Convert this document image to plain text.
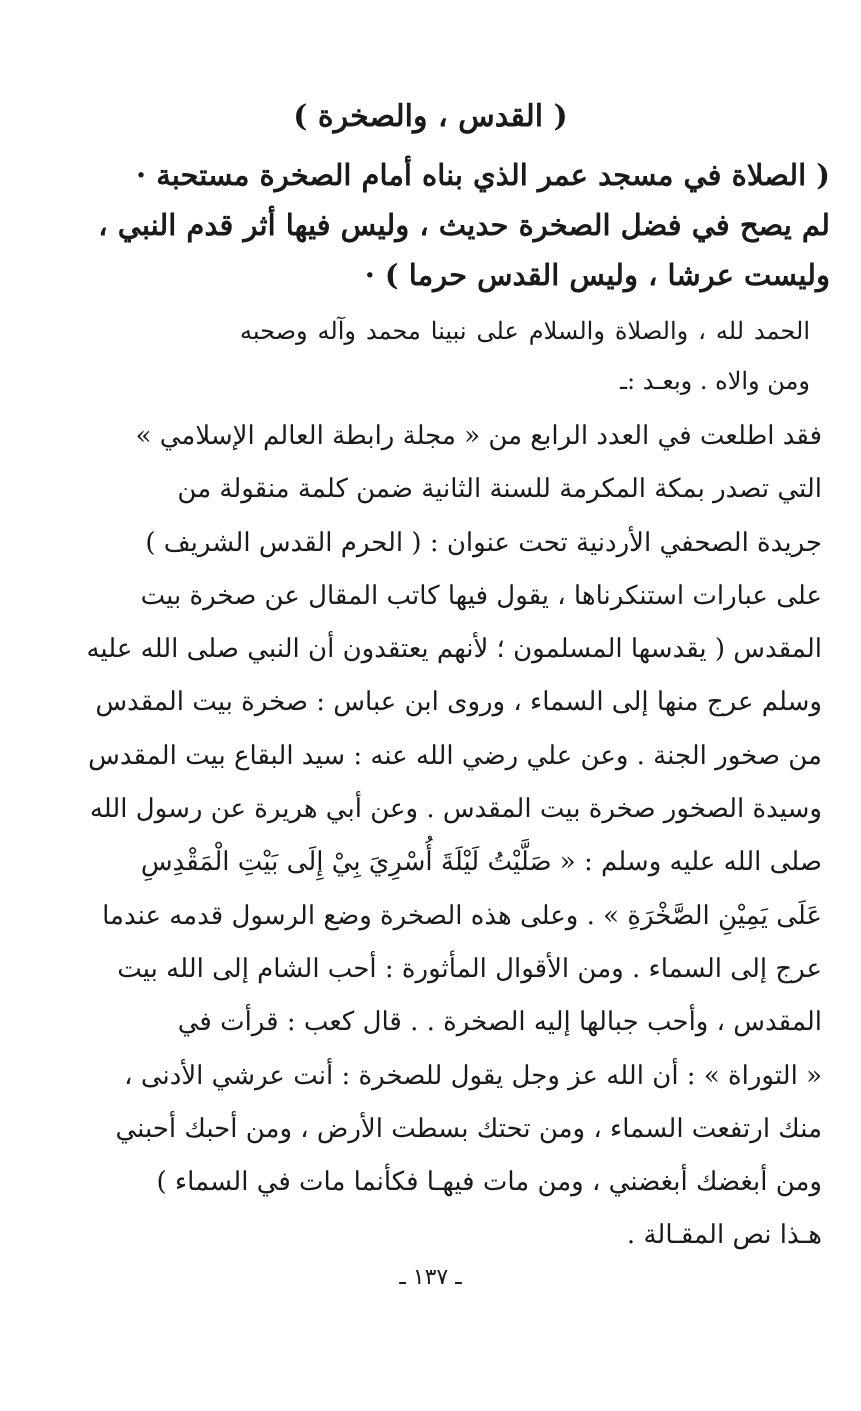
( القدس ، والصخرة )
( الصلاة في مسجد عمر الذي بناه أمام الصخرة مستحبة ·
لم يصح في فضل الصخرة حديث ، وليس فيها أثر قدم النبي ،
وليست عرشا ، وليس القدس حرما ) ·
الحمد لله ، والصلاة والسلام على نبينا محمد وآله وصحبه
ومن والاه . وبعـد :ـ
فقد اطلعت في العدد الرابع من « مجلة رابطة العالم الإسلامي »
التي تصدر بمكة المكرمة للسنة الثانية ضمن كلمة منقولة من
جريدة الصحفي الأردنية تحت عنوان : ( الحرم القدس الشريف )
على عبارات استنكرناها ، يقول فيها كاتب المقال عن صخرة بيت
المقدس ( يقدسها المسلمون ؛ لأنهم يعتقدون أن النبي صلى الله عليه
وسلم عرج منها إلى السماء ، وروى ابن عباس : صخرة بيت المقدس
من صخور الجنة . وعن علي رضي الله عنه : سيد البقاع بيت المقدس
وسيدة الصخور صخرة بيت المقدس . وعن أبي هريرة عن رسول الله
صلى الله عليه وسلم : « صَلَّيْتُ لَيْلَةَ أُسْرِيَ بِيْ إِلَى بَيْتِ الْمَقْدِسِ
عَلَى يَمِيْنِ الصَّخْرَةِ » . وعلى هذه الصخرة وضع الرسول قدمه عندما
عرج إلى السماء . ومن الأقوال المأثورة : أحب الشام إلى الله بيت
المقدس ، وأحب جبالها إليه الصخرة . . قال كعب : قرأت في
« التوراة » : أن الله عز وجل يقول للصخرة : أنت عرشي الأدنى ،
منك ارتفعت السماء ، ومن تحتك بسطت الأرض ، ومن أحبك أحبني
ومن أبغضك أبغضني ، ومن مات فيهـا فكأنما مات في السماء )
هـذا نص المقـالة .
ـ ١٣٧ ـ
